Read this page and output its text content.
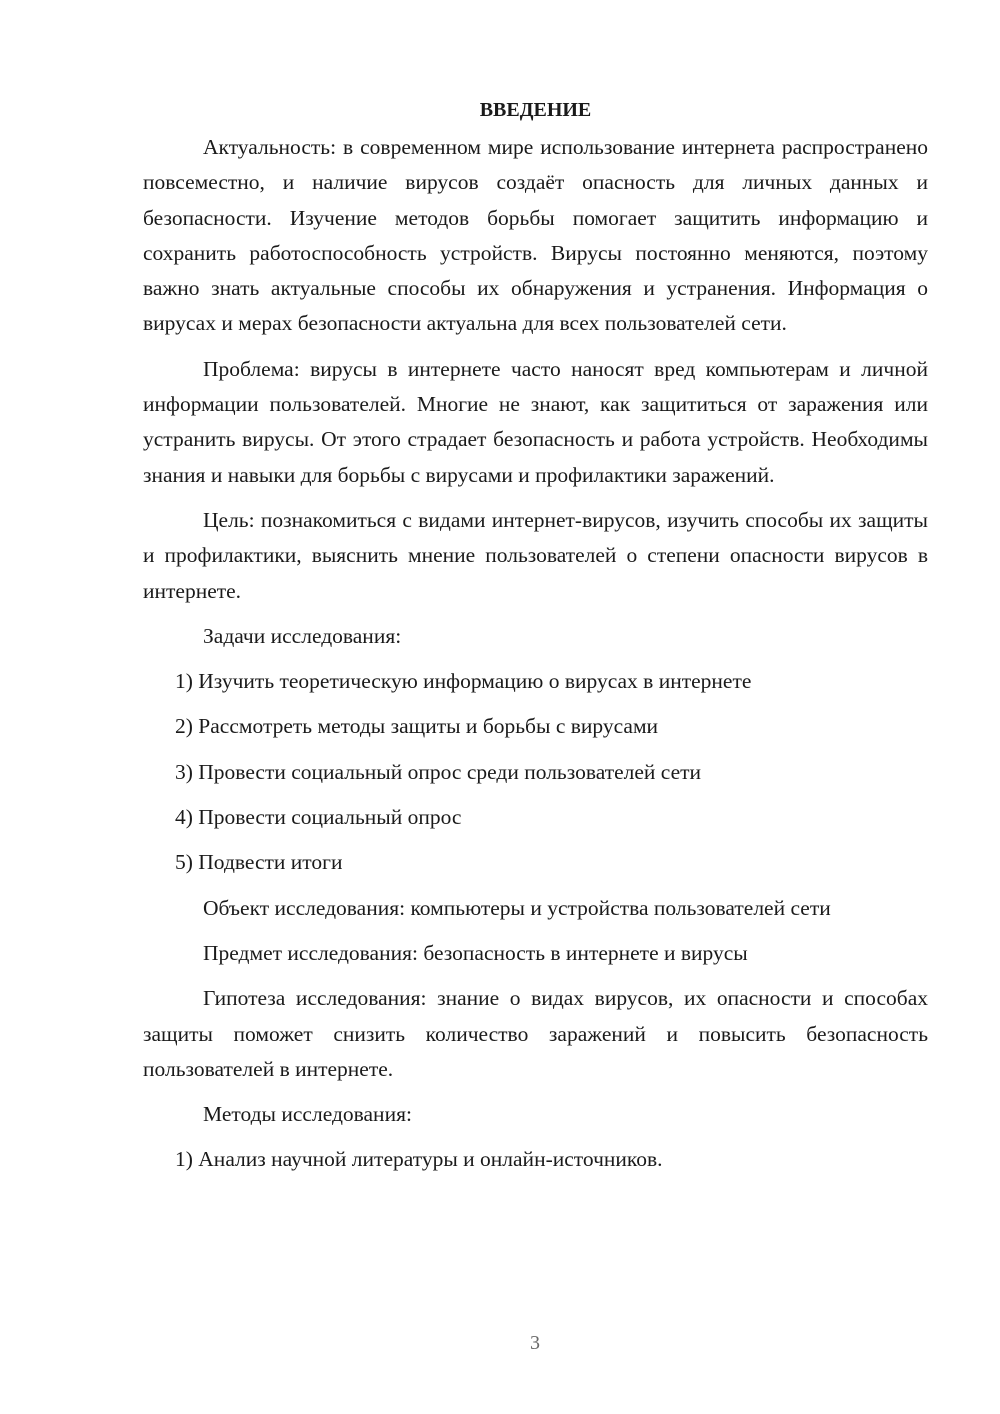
ВВЕДЕНИЕ

Актуальность: в современном мире использование интернета распространено повсеместно, и наличие вирусов создаёт опасность для личных данных и безопасности. Изучение методов борьбы помогает защитить информацию и сохранить работоспособность устройств. Вирусы постоянно меняются, поэтому важно знать актуальные способы их обнаружения и устранения. Информация о вирусах и мерах безопасности актуальна для всех пользователей сети.

Проблема: вирусы в интернете часто наносят вред компьютерам и личной информации пользователей. Многие не знают, как защититься от заражения или устранить вирусы. От этого страдает безопасность и работа устройств. Необходимы знания и навыки для борьбы с вирусами и профилактики заражений.

Цель: познакомиться с видами интернет-вирусов, изучить способы их защиты и профилактики, выяснить мнение пользователей о степени опасности вирусов в интернете.

Задачи исследования:

1) Изучить теоретическую информацию о вирусах в интернете

2) Рассмотреть методы защиты и борьбы с вирусами

3) Провести социальный опрос среди пользователей сети

4) Провести социальный опрос

5) Подвести итоги

Объект исследования: компьютеры и устройства пользователей сети

Предмет исследования: безопасность в интернете и вирусы

Гипотеза исследования: знание о видах вирусов, их опасности и способах защиты поможет снизить количество заражений и повысить безопасность пользователей в интернете.

Методы исследования:

1) Анализ научной литературы и онлайн-источников.

3
